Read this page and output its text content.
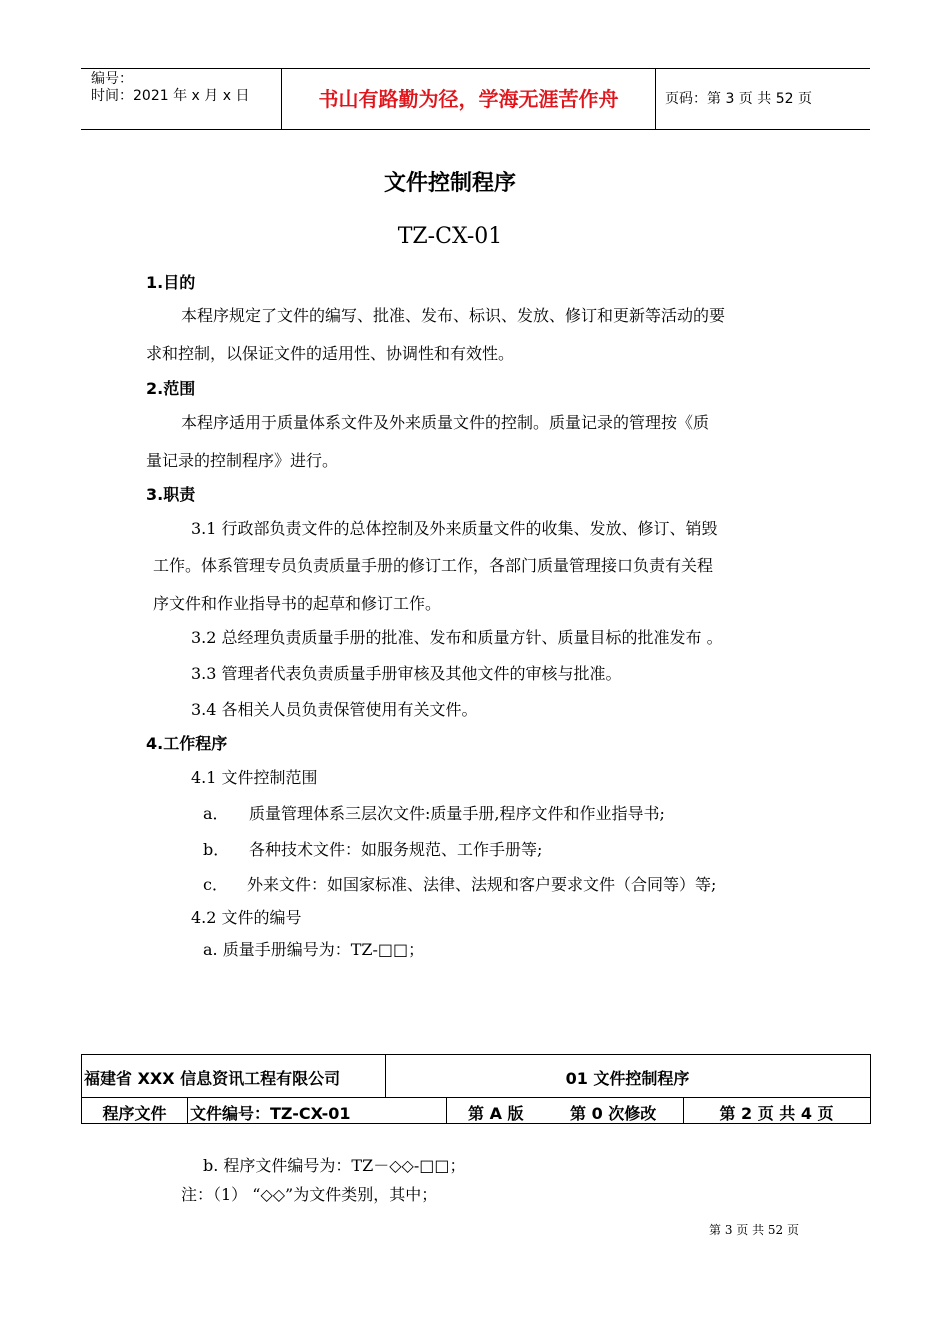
编号：
时间：2021 年 x 月 x 日	书山有路勤为径，学海无涯苦作舟	页码：第 3 页 共 52 页
文件控制程序
TZ-CX-01
1.目的
本程序规定了文件的编写、批准、发布、标识、发放、修订和更新等活动的要
求和控制，以保证文件的适用性、协调性和有效性。
2.范围
本程序适用于质量体系文件及外来质量文件的控制。质量记录的管理按《质
量记录的控制程序》进行。
3.职责
3.1 行政部负责文件的总体控制及外来质量文件的收集、发放、修订、销毁
工作。体系管理专员负责质量手册的修订工作，各部门质量管理接口负责有关程
序文件和作业指导书的起草和修订工作。
3.2 总经理负责质量手册的批准、发布和质量方针、质量目标的批准发布 。
3.3 管理者代表负责质量手册审核及其他文件的审核与批准。
3.4 各相关人员负责保管使用有关文件。
4.工作程序
4.1 文件控制范围
a． 质量管理体系三层次文件:质量手册,程序文件和作业指导书;
b． 各种技术文件：如服务规范、工作手册等;
c． 外来文件：如国家标准、法律、法规和客户要求文件（合同等）等;
4.2 文件的编号
a. 质量手册编号为：TZ-□□；
福建省 XXX 信息资讯工程有限公司	01 文件控制程序
程序文件	文件编号：TZ-CX-01	第 A 版	第 0 次修改	第 2 页 共 4 页
b. 程序文件编号为：TZ－◇◇-□□；
注：（1） “◇◇”为文件类别，其中；
第 3 页 共 52 页
